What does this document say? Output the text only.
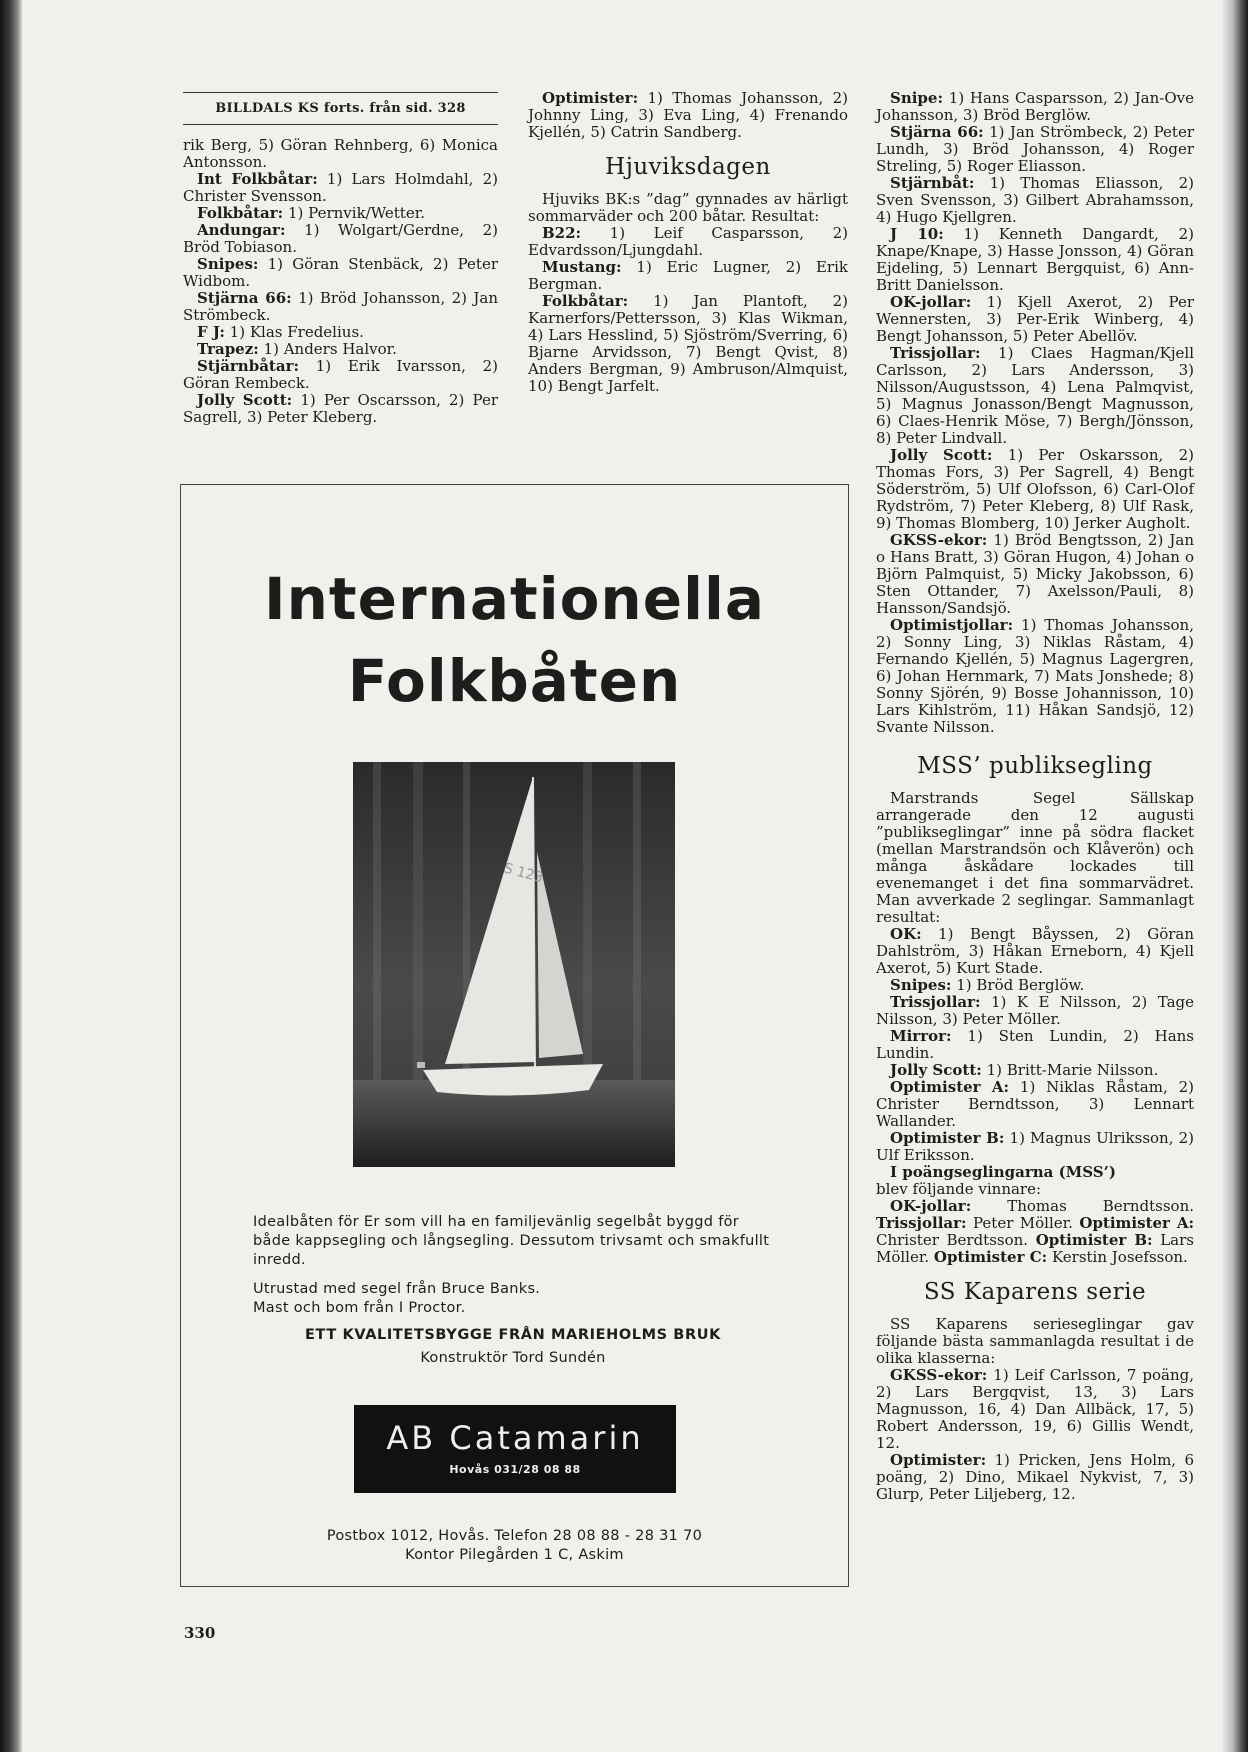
BILLDALS KS forts. från sid. 328

rik Berg, 5) Göran Rehnberg, 6) Monica Antonsson.

Int Folkbåtar: 1) Lars Holmdahl, 2) Christer Svensson.

Folkbåtar: 1) Pernvik/Wetter.

Andungar: 1) Wolgart/Gerdne, 2) Bröd Tobiason.

Snipes: 1) Göran Stenbäck, 2) Peter Widbom.

Stjärna 66: 1) Bröd Johansson, 2) Jan Strömbeck.

F J: 1) Klas Fredelius.

Trapez: 1) Anders Halvor.

Stjärnbåtar: 1) Erik Ivarsson, 2) Göran Rembeck.

Jolly Scott: 1) Per Oscarsson, 2) Per Sagrell, 3) Peter Kleberg.

Optimister: 1) Thomas Johansson, 2) Johnny Ling, 3) Eva Ling, 4) Frenando Kjellén, 5) Catrin Sandberg.

Hjuviksdagen

Hjuviks BK:s ”dag” gynnades av härligt sommarväder och 200 båtar. Resultat:

B22: 1) Leif Casparsson, 2) Edvardsson/Ljungdahl.

Mustang: 1) Eric Lugner, 2) Erik Bergman.

Folkbåtar: 1) Jan Plantoft, 2) Karnerfors/Pettersson, 3) Klas Wikman, 4) Lars Hesslind, 5) Sjöström/Sverring, 6) Bjarne Arvidsson, 7) Bengt Qvist, 8) Anders Bergman, 9) Ambruson/Almquist, 10) Bengt Jarfelt.

Snipe: 1) Hans Casparsson, 2) Jan-Ove Johansson, 3) Bröd Berglöw.

Stjärna 66: 1) Jan Strömbeck, 2) Peter Lundh, 3) Bröd Johansson, 4) Roger Streling, 5) Roger Eliasson.

Stjärnbåt: 1) Thomas Eliasson, 2) Sven Svensson, 3) Gilbert Abrahamsson, 4) Hugo Kjellgren.

J 10: 1) Kenneth Dangardt, 2) Knape/Knape, 3) Hasse Jonsson, 4) Göran Ejdeling, 5) Lennart Bergquist, 6) Ann-Britt Danielsson.

OK-jollar: 1) Kjell Axerot, 2) Per Wennersten, 3) Per-Erik Winberg, 4) Bengt Johansson, 5) Peter Abellöv.

Trissjollar: 1) Claes Hagman/Kjell Carlsson, 2) Lars Andersson, 3) Nilsson/Augustsson, 4) Lena Palmqvist, 5) Magnus Jonasson/Bengt Magnusson, 6) Claes-Henrik Möse, 7) Bergh/Jönsson, 8) Peter Lindvall.

Jolly Scott: 1) Per Oskarsson, 2) Thomas Fors, 3) Per Sagrell, 4) Bengt Söderström, 5) Ulf Olofsson, 6) Carl-Olof Rydström, 7) Peter Kleberg, 8) Ulf Rask, 9) Thomas Blomberg, 10) Jerker Augholt.

GKSS-ekor: 1) Bröd Bengtsson, 2) Jan o Hans Bratt, 3) Göran Hugon, 4) Johan o Björn Palmquist, 5) Micky Jakobsson, 6) Sten Ottander, 7) Axelsson/Pauli, 8) Hansson/Sandsjö.

Optimistjollar: 1) Thomas Johansson, 2) Sonny Ling, 3) Niklas Råstam, 4) Fernando Kjellén, 5) Magnus Lagergren, 6) Johan Hernmark, 7) Mats Jonshede; 8) Sonny Sjörén, 9) Bosse Johannisson, 10) Lars Kihlström, 11) Håkan Sandsjö, 12) Svante Nilsson.

MSS’ publiksegling

Marstrands Segel Sällskap arrangerade den 12 augusti ”publikseglingar” inne på södra flacket (mellan Marstrandsön och Klåverön) och många åskådare lockades till evenemanget i det fina sommarvädret. Man avverkade 2 seglingar. Sammanlagt resultat:

OK: 1) Bengt Båyssen, 2) Göran Dahlström, 3) Håkan Erneborn, 4) Kjell Axerot, 5) Kurt Stade.

Snipes: 1) Bröd Berglöw.

Trissjollar: 1) K E Nilsson, 2) Tage Nilsson, 3) Peter Möller.

Mirror: 1) Sten Lundin, 2) Hans Lundin.

Jolly Scott: 1) Britt-Marie Nilsson.

Optimister A: 1) Niklas Råstam, 2) Christer Berndtsson, 3) Lennart Wallander.

Optimister B: 1) Magnus Ulriksson, 2) Ulf Eriksson.

I poängseglingarna (MSS’)

blev följande vinnare:

OK-jollar: Thomas Berndtsson. Trissjollar: Peter Möller. Optimister A: Christer Berdtsson. Optimister B: Lars Möller. Optimister C: Kerstin Josefsson.

SS Kaparens serie

SS Kaparens serieseglingar gav följande bästa sammanlagda resultat i de olika klasserna:

GKSS-ekor: 1) Leif Carlsson, 7 poäng, 2) Lars Bergqvist, 13, 3) Lars Magnusson, 16, 4) Dan Allbäck, 17, 5) Robert Andersson, 19, 6) Gillis Wendt, 12.

Optimister: 1) Pricken, Jens Holm, 6 poäng, 2) Dino, Mikael Nykvist, 7, 3) Glurp, Peter Liljeberg, 12.

Internationella
Folkbåten
S 123

Idealbåten för Er som vill ha en familjevänlig segelbåt byggd för både kappsegling och långsegling. Dessutom trivsamt och smakfullt inredd.

Utrustad med segel från Bruce Banks.

Mast och bom från I Proctor.

ETT KVALITETSBYGGE FRÅN MARIEHOLMS BRUK

Konstruktör Tord Sundén

AB Catamarin
Hovås 031/28 08 88

Postbox 1012, Hovås. Telefon 28 08 88 - 28 31 70

Kontor Pilegården 1 C, Askim

330
